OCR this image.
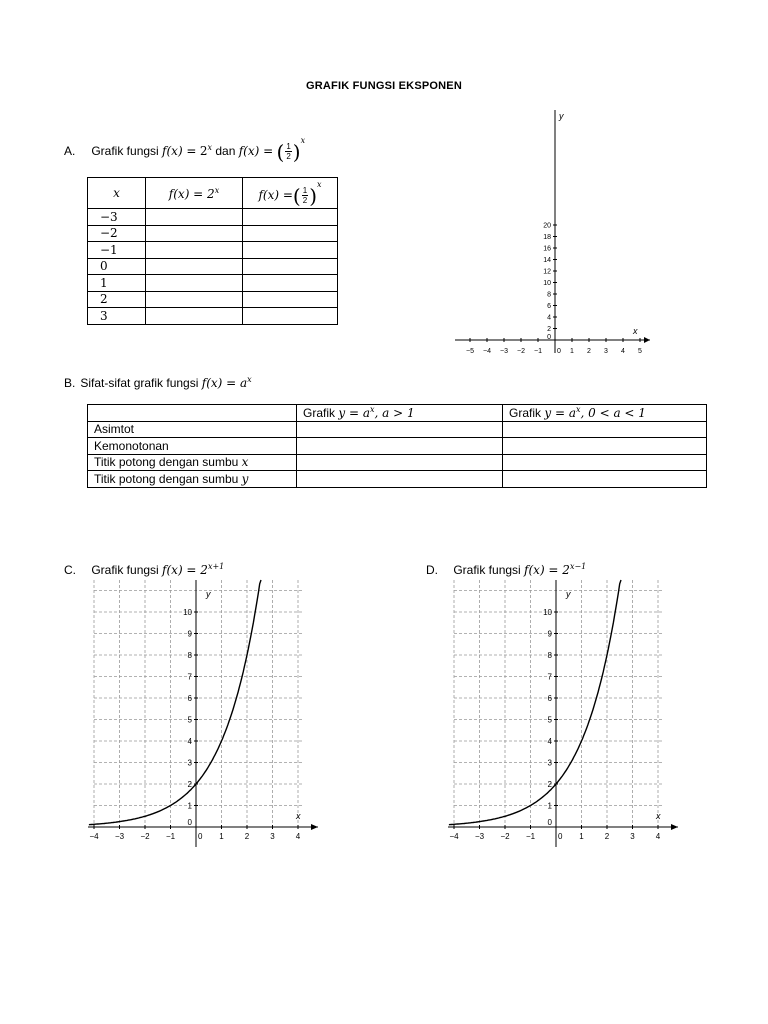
GRAFIK FUNGSI EKSPONEN
A. Grafik fungsi $f(x) = 2^x$ dan f(x) = ( $\frac{1}{2} )^x$
x	$f(x) = 2^x$	f(x) =( $\frac{1}{2} )^x$
−3		
−2		
−1		
0		
1		
2		
3		
−5 −4 −3 −2 −1 0 1 2 3 4 5
0
2
4
6
8
10
12
14
16
18
20
x
y
B. Sifat-sifat grafik fungsi $f(x) = a^x$
	Grafik $y = a^x$, a > 1	Grafik $y = a^x$, 0 < a < 1
Asimtot		
Kemonotonan		
Titik potong dengan sumbu x		
Titik potong dengan sumbu y		
C. Grafik fungsi $f(x) = 2^{x+1}$	D. Grafik fungsi $f(x) = 2^{x-1}$
−4 −3 −2 −1	0 1	2	3	4
0
1
2
3
4
5
6
7
8
9
10
x
y
−4 −3 −2 −1	0 1	2	3	4
0
1
2
3
4
5
6
7
8
9
10
x
y
